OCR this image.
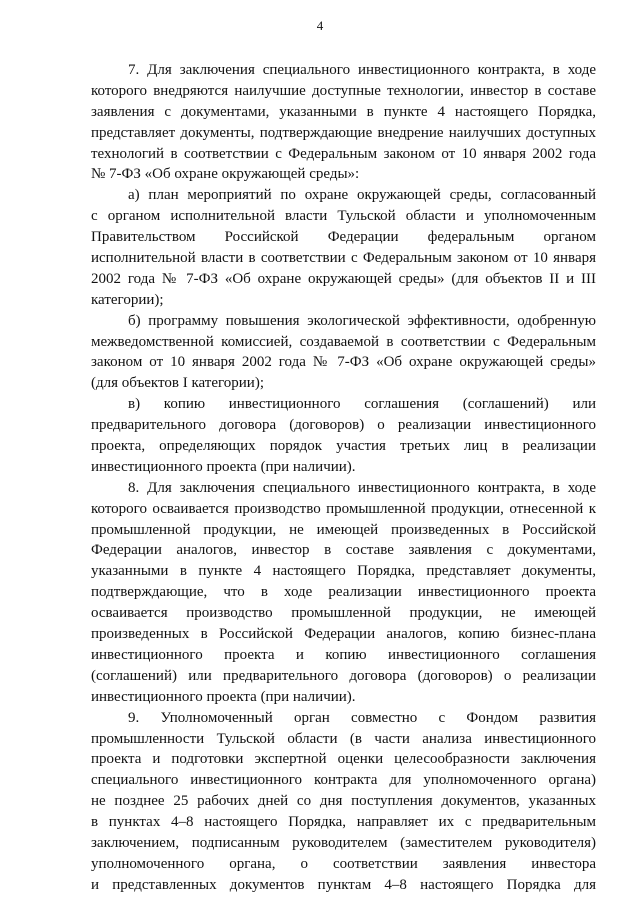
4
7. Для заключения специального инвестиционного контракта, в ходе
которого внедряются наилучшие доступные технологии, инвестор в составе
заявления с документами, указанными в пункте 4 настоящего Порядка,
представляет документы, подтверждающие внедрение наилучших доступных
технологий в соответствии с Федеральным законом от 10 января 2002 года
№ 7-ФЗ «Об охране окружающей среды»:
а) план мероприятий по охране окружающей среды, согласованный
с органом исполнительной власти Тульской области и уполномоченным
Правительством Российской Федерации федеральным органом
исполнительной власти в соответствии с Федеральным законом от 10 января
2002 года № 7-ФЗ «Об охране окружающей среды» (для объектов II и III
категории);
б) программу повышения экологической эффективности, одобренную
межведомственной комиссией, создаваемой в соответствии с Федеральным
законом от 10 января 2002 года № 7-ФЗ «Об охране окружающей среды»
(для объектов I категории);
в) копию инвестиционного соглашения (соглашений) или
предварительного договора (договоров) о реализации инвестиционного
проекта, определяющих порядок участия третьих лиц в реализации
инвестиционного проекта (при наличии).
8. Для заключения специального инвестиционного контракта, в ходе
которого осваивается производство промышленной продукции, отнесенной к
промышленной продукции, не имеющей произведенных в Российской
Федерации аналогов, инвестор в составе заявления с документами,
указанными в пункте 4 настоящего Порядка, представляет документы,
подтверждающие, что в ходе реализации инвестиционного проекта
осваивается производство промышленной продукции, не имеющей
произведенных в Российской Федерации аналогов, копию бизнес-плана
инвестиционного проекта и копию инвестиционного соглашения
(соглашений) или предварительного договора (договоров) о реализации
инвестиционного проекта (при наличии).
9. Уполномоченный орган совместно с Фондом развития
промышленности Тульской области (в части анализа инвестиционного
проекта и подготовки экспертной оценки целесообразности заключения
специального инвестиционного контракта для уполномоченного органа)
не позднее 25 рабочих дней со дня поступления документов, указанных
в пунктах 4–8 настоящего Порядка, направляет их с предварительным
заключением, подписанным руководителем (заместителем руководителя)
уполномоченного органа, о соответствии заявления инвестора
и представленных документов пунктам 4–8 настоящего Порядка для
